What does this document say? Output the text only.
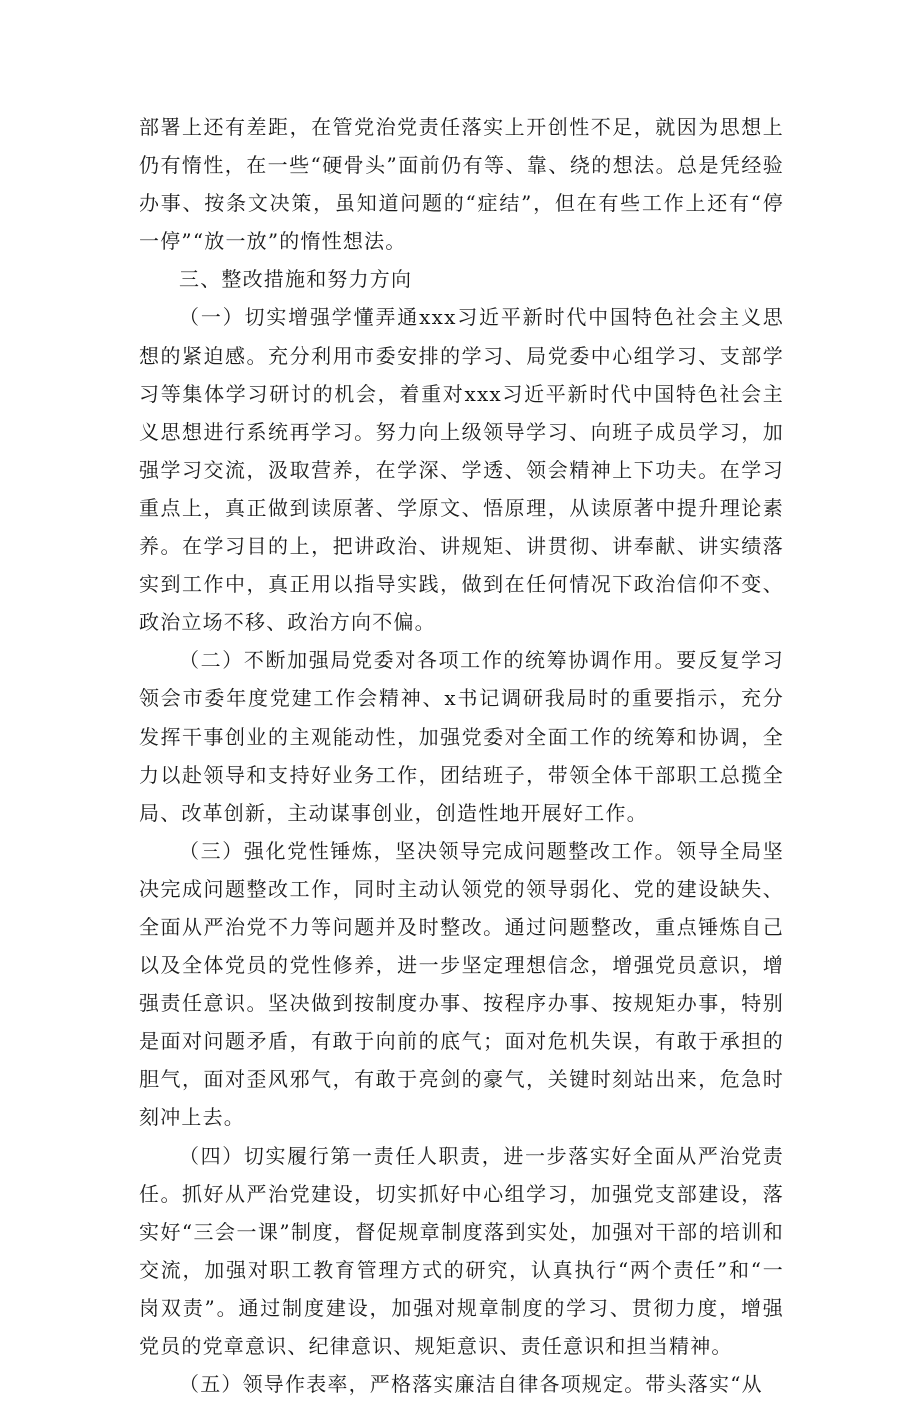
部署上还有差距，在管党治党责任落实上开创性不足，就因为思想上仍有惰性，在一些“硬骨头”面前仍有等、靠、绕的想法。总是凭经验办事、按条文决策，虽知道问题的“症结”，但在有些工作上还有“停一停”“放一放”的惰性想法。

三、整改措施和努力方向

（一）切实增强学懂弄通xxx习近平新时代中国特色社会主义思想的紧迫感。充分利用市委安排的学习、局党委中心组学习、支部学习等集体学习研讨的机会，着重对xxx习近平新时代中国特色社会主义思想进行系统再学习。努力向上级领导学习、向班子成员学习，加强学习交流，汲取营养，在学深、学透、领会精神上下功夫。在学习重点上，真正做到读原著、学原文、悟原理，从读原著中提升理论素养。在学习目的上，把讲政治、讲规矩、讲贯彻、讲奉献、讲实绩落实到工作中，真正用以指导实践，做到在任何情况下政治信仰不变、政治立场不移、政治方向不偏。

（二）不断加强局党委对各项工作的统筹协调作用。要反复学习领会市委年度党建工作会精神、x书记调研我局时的重要指示，充分发挥干事创业的主观能动性，加强党委对全面工作的统筹和协调，全力以赴领导和支持好业务工作，团结班子，带领全体干部职工总揽全局、改革创新，主动谋事创业，创造性地开展好工作。

（三）强化党性锤炼，坚决领导完成问题整改工作。领导全局坚决完成问题整改工作，同时主动认领党的领导弱化、党的建设缺失、全面从严治党不力等问题并及时整改。通过问题整改，重点锤炼自己以及全体党员的党性修养，进一步坚定理想信念，增强党员意识，增强责任意识。坚决做到按制度办事、按程序办事、按规矩办事，特别是面对问题矛盾，有敢于向前的底气；面对危机失误，有敢于承担的胆气，面对歪风邪气，有敢于亮剑的豪气，关键时刻站出来，危急时刻冲上去。

（四）切实履行第一责任人职责，进一步落实好全面从严治党责任。抓好从严治党建设，切实抓好中心组学习，加强党支部建设，落实好“三会一课”制度，督促规章制度落到实处，加强对干部的培训和交流，加强对职工教育管理方式的研究，认真执行“两个责任”和“一岗双责”。通过制度建设，加强对规章制度的学习、贯彻力度，增强党员的党章意识、纪律意识、规矩意识、责任意识和担当精神。

（五）领导作表率，严格落实廉洁自律各项规定。带头落实“从
